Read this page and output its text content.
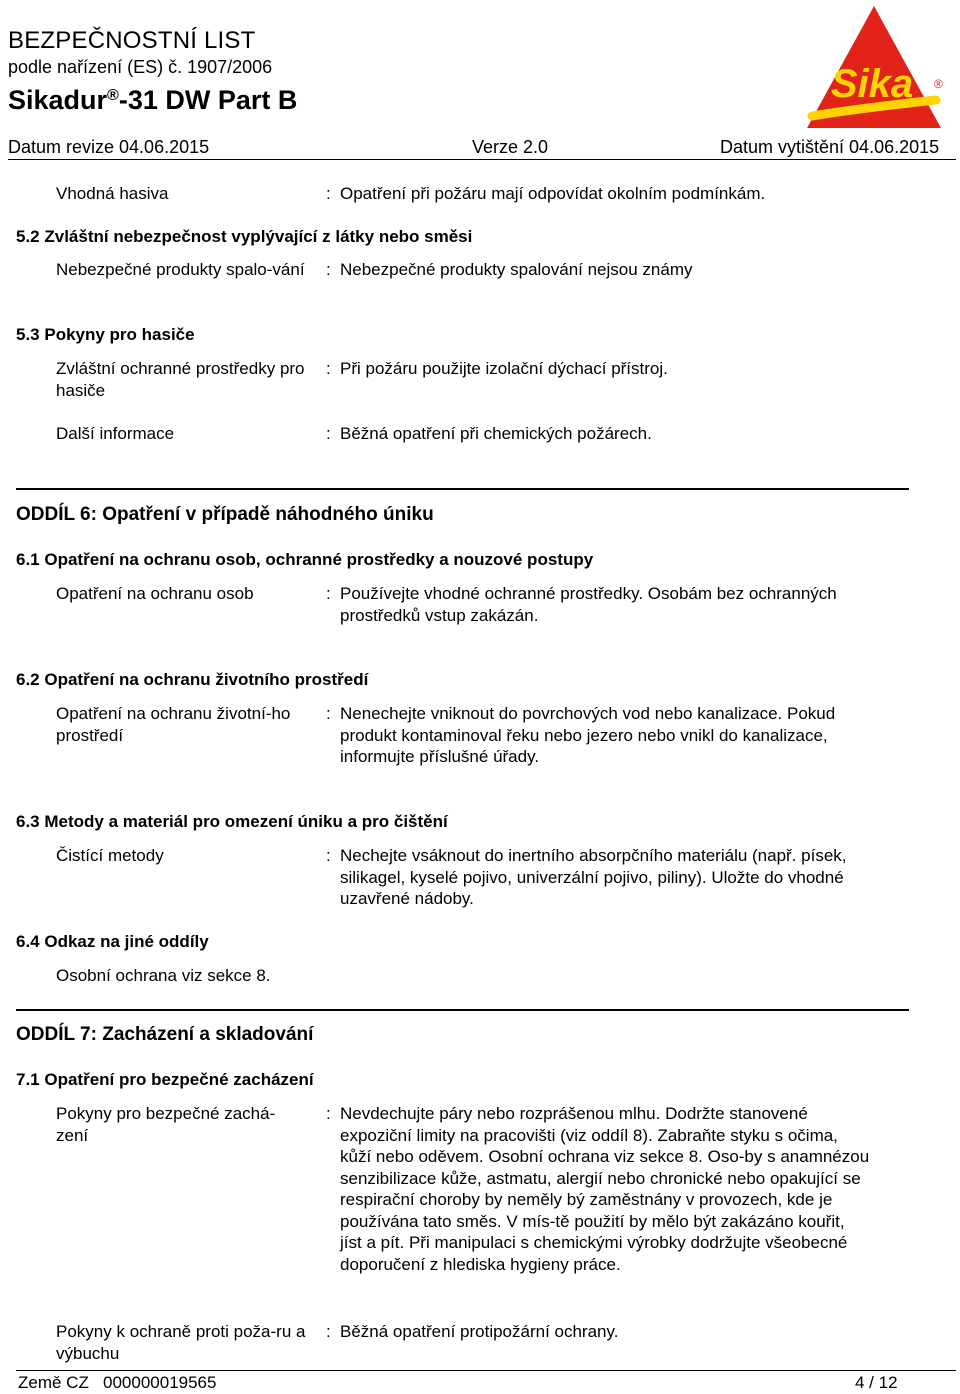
BEZPEČNOSTNÍ LIST
podle nařízení (ES) č. 1907/2006
Sikadur®-31 DW Part B
Datum revize 04.06.2015	Verze 2.0	Datum vytištění 04.06.2015
Sika ®
Vhodná hasiva	: Opatření při požáru mají odpovídat okolním podmínkám.
5.2 Zvláštní nebezpečnost vyplývající z látky nebo směsi
Nebezpečné produkty spalo-vání	: Nebezpečné produkty spalování nejsou známy
5.3 Pokyny pro hasiče
Zvláštní ochranné prostředky pro hasiče
: Při požáru použijte izolační dýchací přístroj.
Další informace	: Běžná opatření při chemických požárech.
ODDÍL 6: Opatření v případě náhodného úniku
6.1 Opatření na ochranu osob, ochranné prostředky a nouzové postupy
Opatření na ochranu osob	: Používejte vhodné ochranné prostředky. Osobám bez ochranných prostředků vstup zakázán.
6.2 Opatření na ochranu životního prostředí
Opatření na ochranu životní-ho prostředí
: Nenechejte vniknout do povrchových vod nebo kanalizace. Pokud produkt kontaminoval řeku nebo jezero nebo vnikl do kanalizace, informujte příslušné úřady.
6.3 Metody a materiál pro omezení úniku a pro čištění
Čistící metody	: Nechejte vsáknout do inertního absorpčního materiálu (např. písek, silikagel, kyselé pojivo, univerzální pojivo, piliny). Uložte do vhodné uzavřené nádoby.
6.4 Odkaz na jiné oddíly
Osobní ochrana viz sekce 8.
ODDÍL 7: Zacházení a skladování
7.1 Opatření pro bezpečné zacházení
Pokyny pro bezpečné zachá-zení
: Nevdechujte páry nebo rozprášenou mlhu. Dodržte stanovené expoziční limity na pracovišti (viz oddíl 8). Zabraňte styku s očima, kůží nebo oděvem. Osobní ochrana viz sekce 8. Oso-by s anamnézou senzibilizace kůže, astmatu, alergií nebo chronické nebo opakující se respirační choroby by neměly bý zaměstnány v provozech, kde je používána tato směs. V mís-tě použití by mělo být zakázáno kouřit, jíst a pít. Při manipulaci s chemickými výrobky dodržujte všeobecné doporučení z hlediska hygieny práce.
Pokyny k ochraně proti poža-ru a výbuchu
: Běžná opatření protipožární ochrany.
Země CZ   000000019565	4 / 12
